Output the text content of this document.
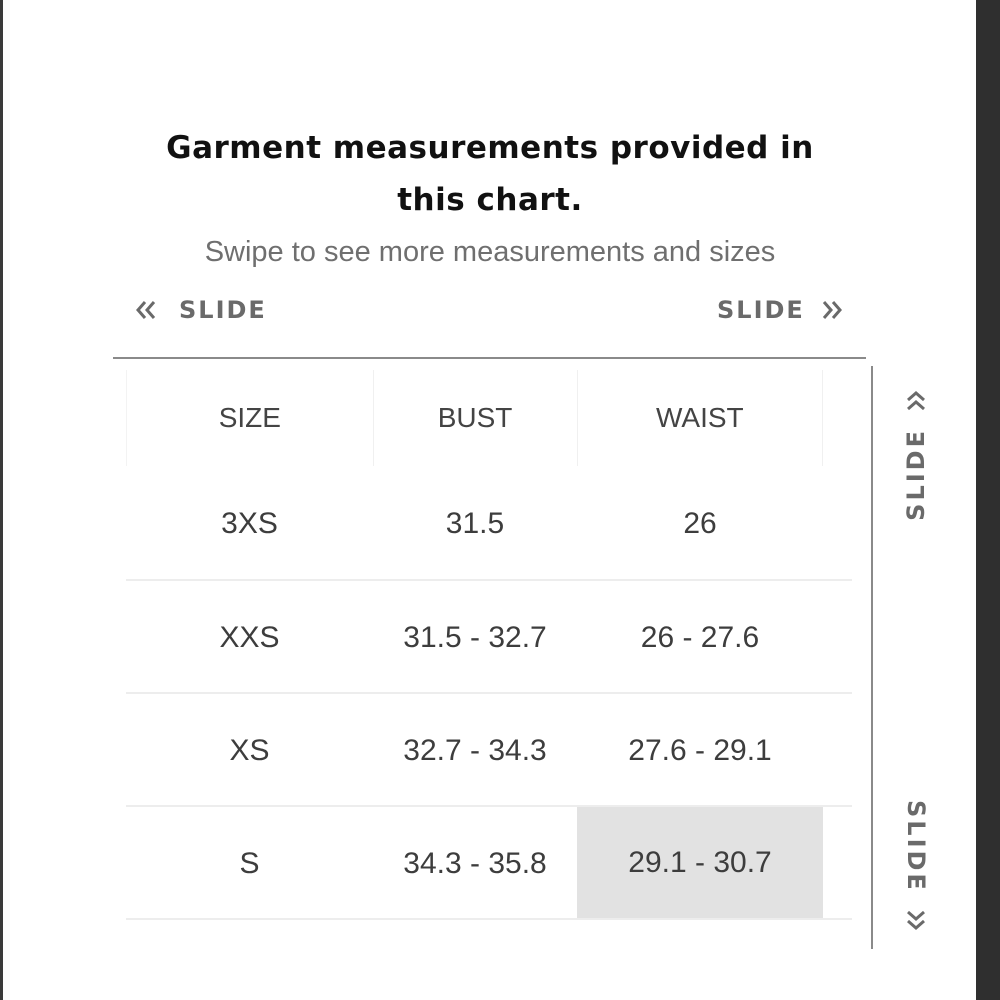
Garment measurements provided in
this chart.
Swipe to see more measurements and sizes
SLIDE	SLIDE
SLIDE
SLIDE
SIZE	BUST	WAIST
3XS	31.5	26
XXS	31.5 - 32.7	26 - 27.6
XS	32.7 - 34.3	27.6 - 29.1
S	34.3 - 35.8	29.1 - 30.7
